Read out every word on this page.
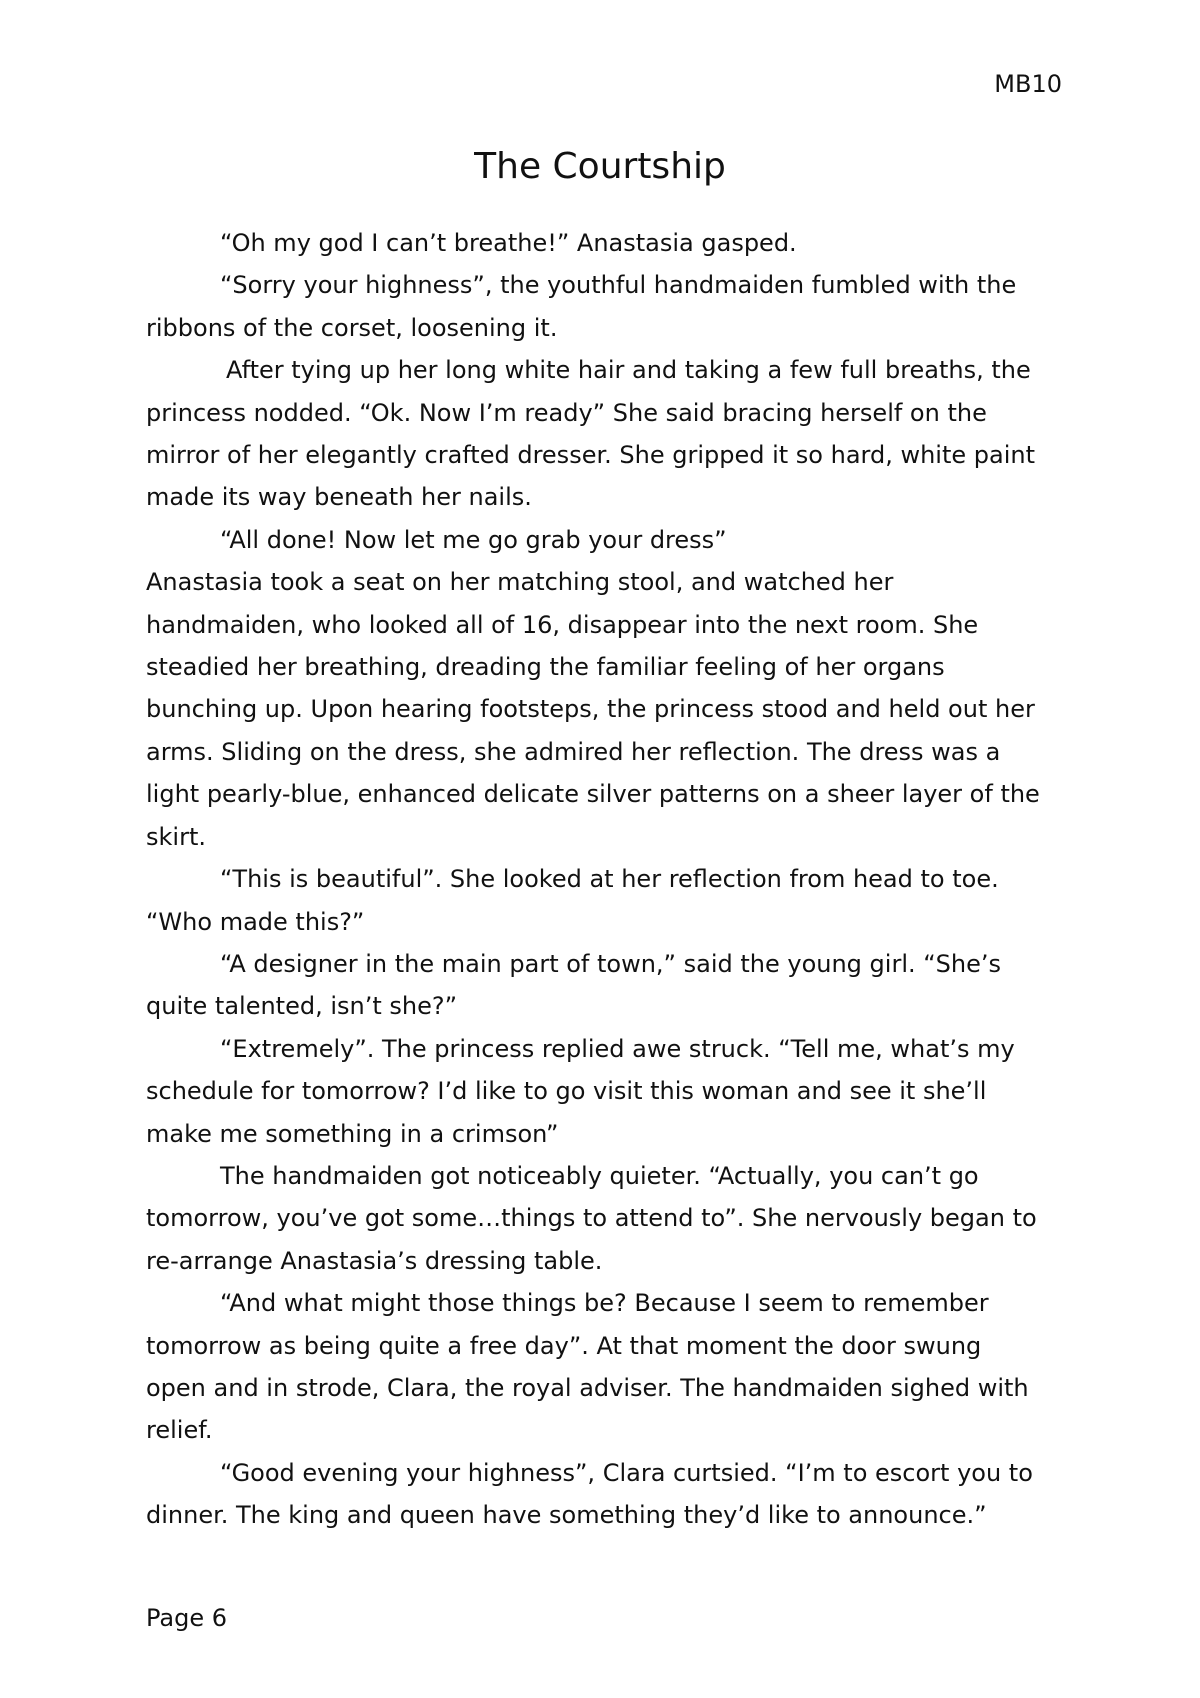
MB10

The Courtship

“Oh my god I can’t breathe!” Anastasia gasped.

“Sorry your highness”, the youthful handmaiden fumbled with the

ribbons of the corset, loosening it.

After tying up her long white hair and taking a few full breaths, the

princess nodded. “Ok. Now I’m ready” She said bracing herself on the

mirror of her elegantly crafted dresser. She gripped it so hard, white paint

made its way beneath her nails.

“All done! Now let me go grab your dress”

Anastasia took a seat on her matching stool, and watched her

handmaiden, who looked all of 16, disappear into the next room. She

steadied her breathing, dreading the familiar feeling of her organs

bunching up. Upon hearing footsteps, the princess stood and held out her

arms. Sliding on the dress, she admired her reflection. The dress was a

light pearly-blue, enhanced delicate silver patterns on a sheer layer of the

skirt.

“This is beautiful”. She looked at her reflection from head to toe.

“Who made this?”

“A designer in the main part of town,” said the young girl. “She’s

quite talented, isn’t she?”

“Extremely”. The princess replied awe struck. “Tell me, what’s my

schedule for tomorrow? I’d like to go visit this woman and see it she’ll

make me something in a crimson”

The handmaiden got noticeably quieter. “Actually, you can’t go

tomorrow, you’ve got some…things to attend to”. She nervously began to

re-arrange Anastasia’s dressing table.

“And what might those things be? Because I seem to remember

tomorrow as being quite a free day”. At that moment the door swung

open and in strode, Clara, the royal adviser. The handmaiden sighed with

relief.

“Good evening your highness”, Clara curtsied. “I’m to escort you to

dinner. The king and queen have something they’d like to announce.”

Page 6
